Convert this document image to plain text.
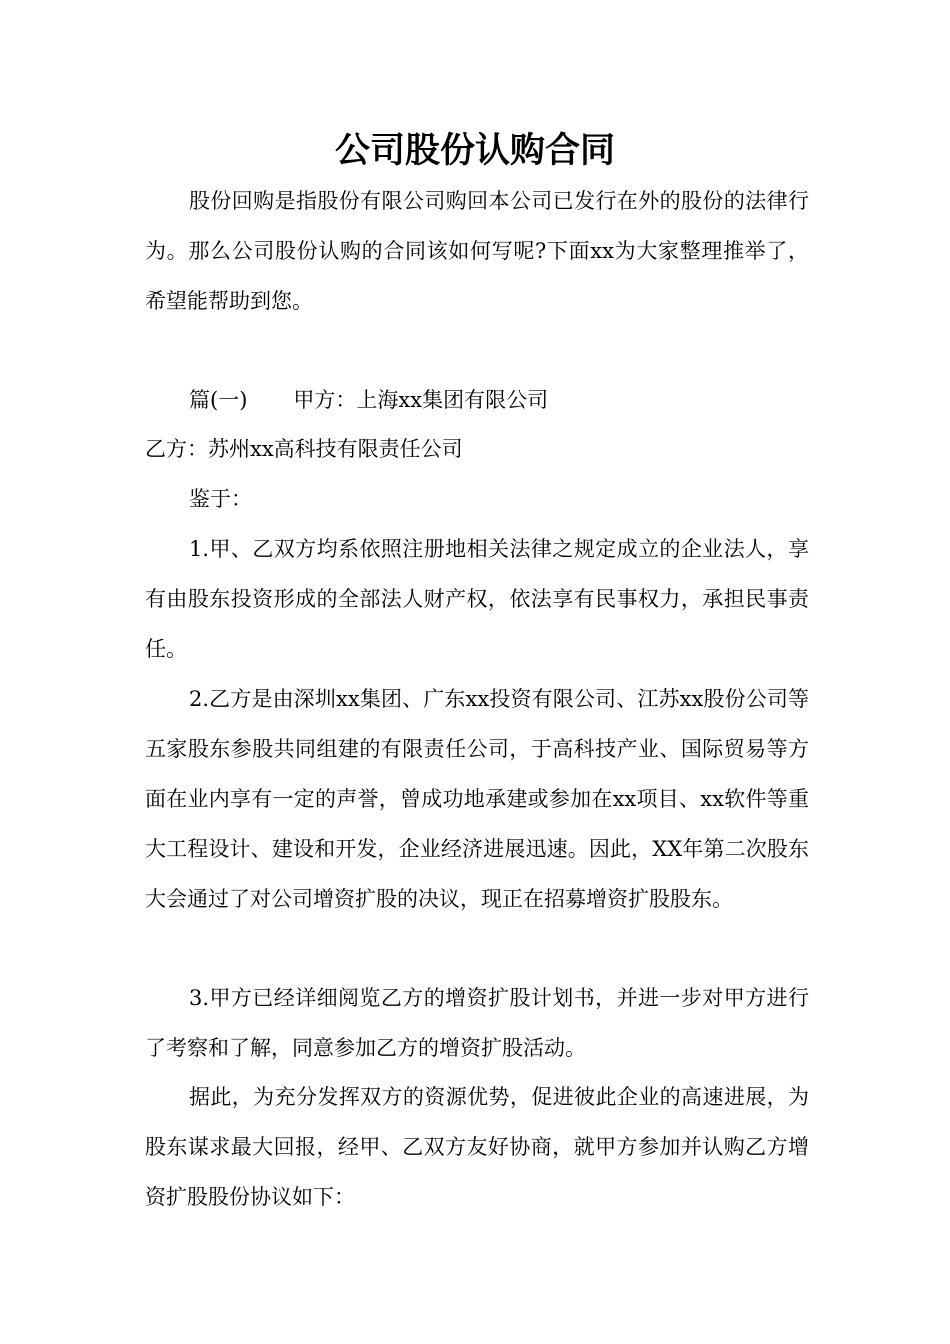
公司股份认购合同

股份回购是指股份有限公司购回本公司已发行在外的股份的法律行为。那么公司股份认购的合同该如何写呢?下面xx为大家整理推举了，希望能帮助到您。

篇(一) 甲方：上海xx集团有限公司

乙方：苏州xx高科技有限责任公司

鉴于：

1.甲、乙双方均系依照注册地相关法律之规定成立的企业法人，享有由股东投资形成的全部法人财产权，依法享有民事权力，承担民事责任。

2.乙方是由深圳xx集团、广东xx投资有限公司、江苏xx股份公司等五家股东参股共同组建的有限责任公司，于高科技产业、国际贸易等方面在业内享有一定的声誉，曾成功地承建或参加在xx项目、xx软件等重大工程设计、建设和开发，企业经济进展迅速。因此，XX年第二次股东大会通过了对公司增资扩股的决议，现正在招募增资扩股股东。

3.甲方已经详细阅览乙方的增资扩股计划书，并进一步对甲方进行了考察和了解，同意参加乙方的增资扩股活动。

据此，为充分发挥双方的资源优势，促进彼此企业的高速进展，为股东谋求最大回报，经甲、乙双方友好协商，就甲方参加并认购乙方增资扩股股份协议如下：
